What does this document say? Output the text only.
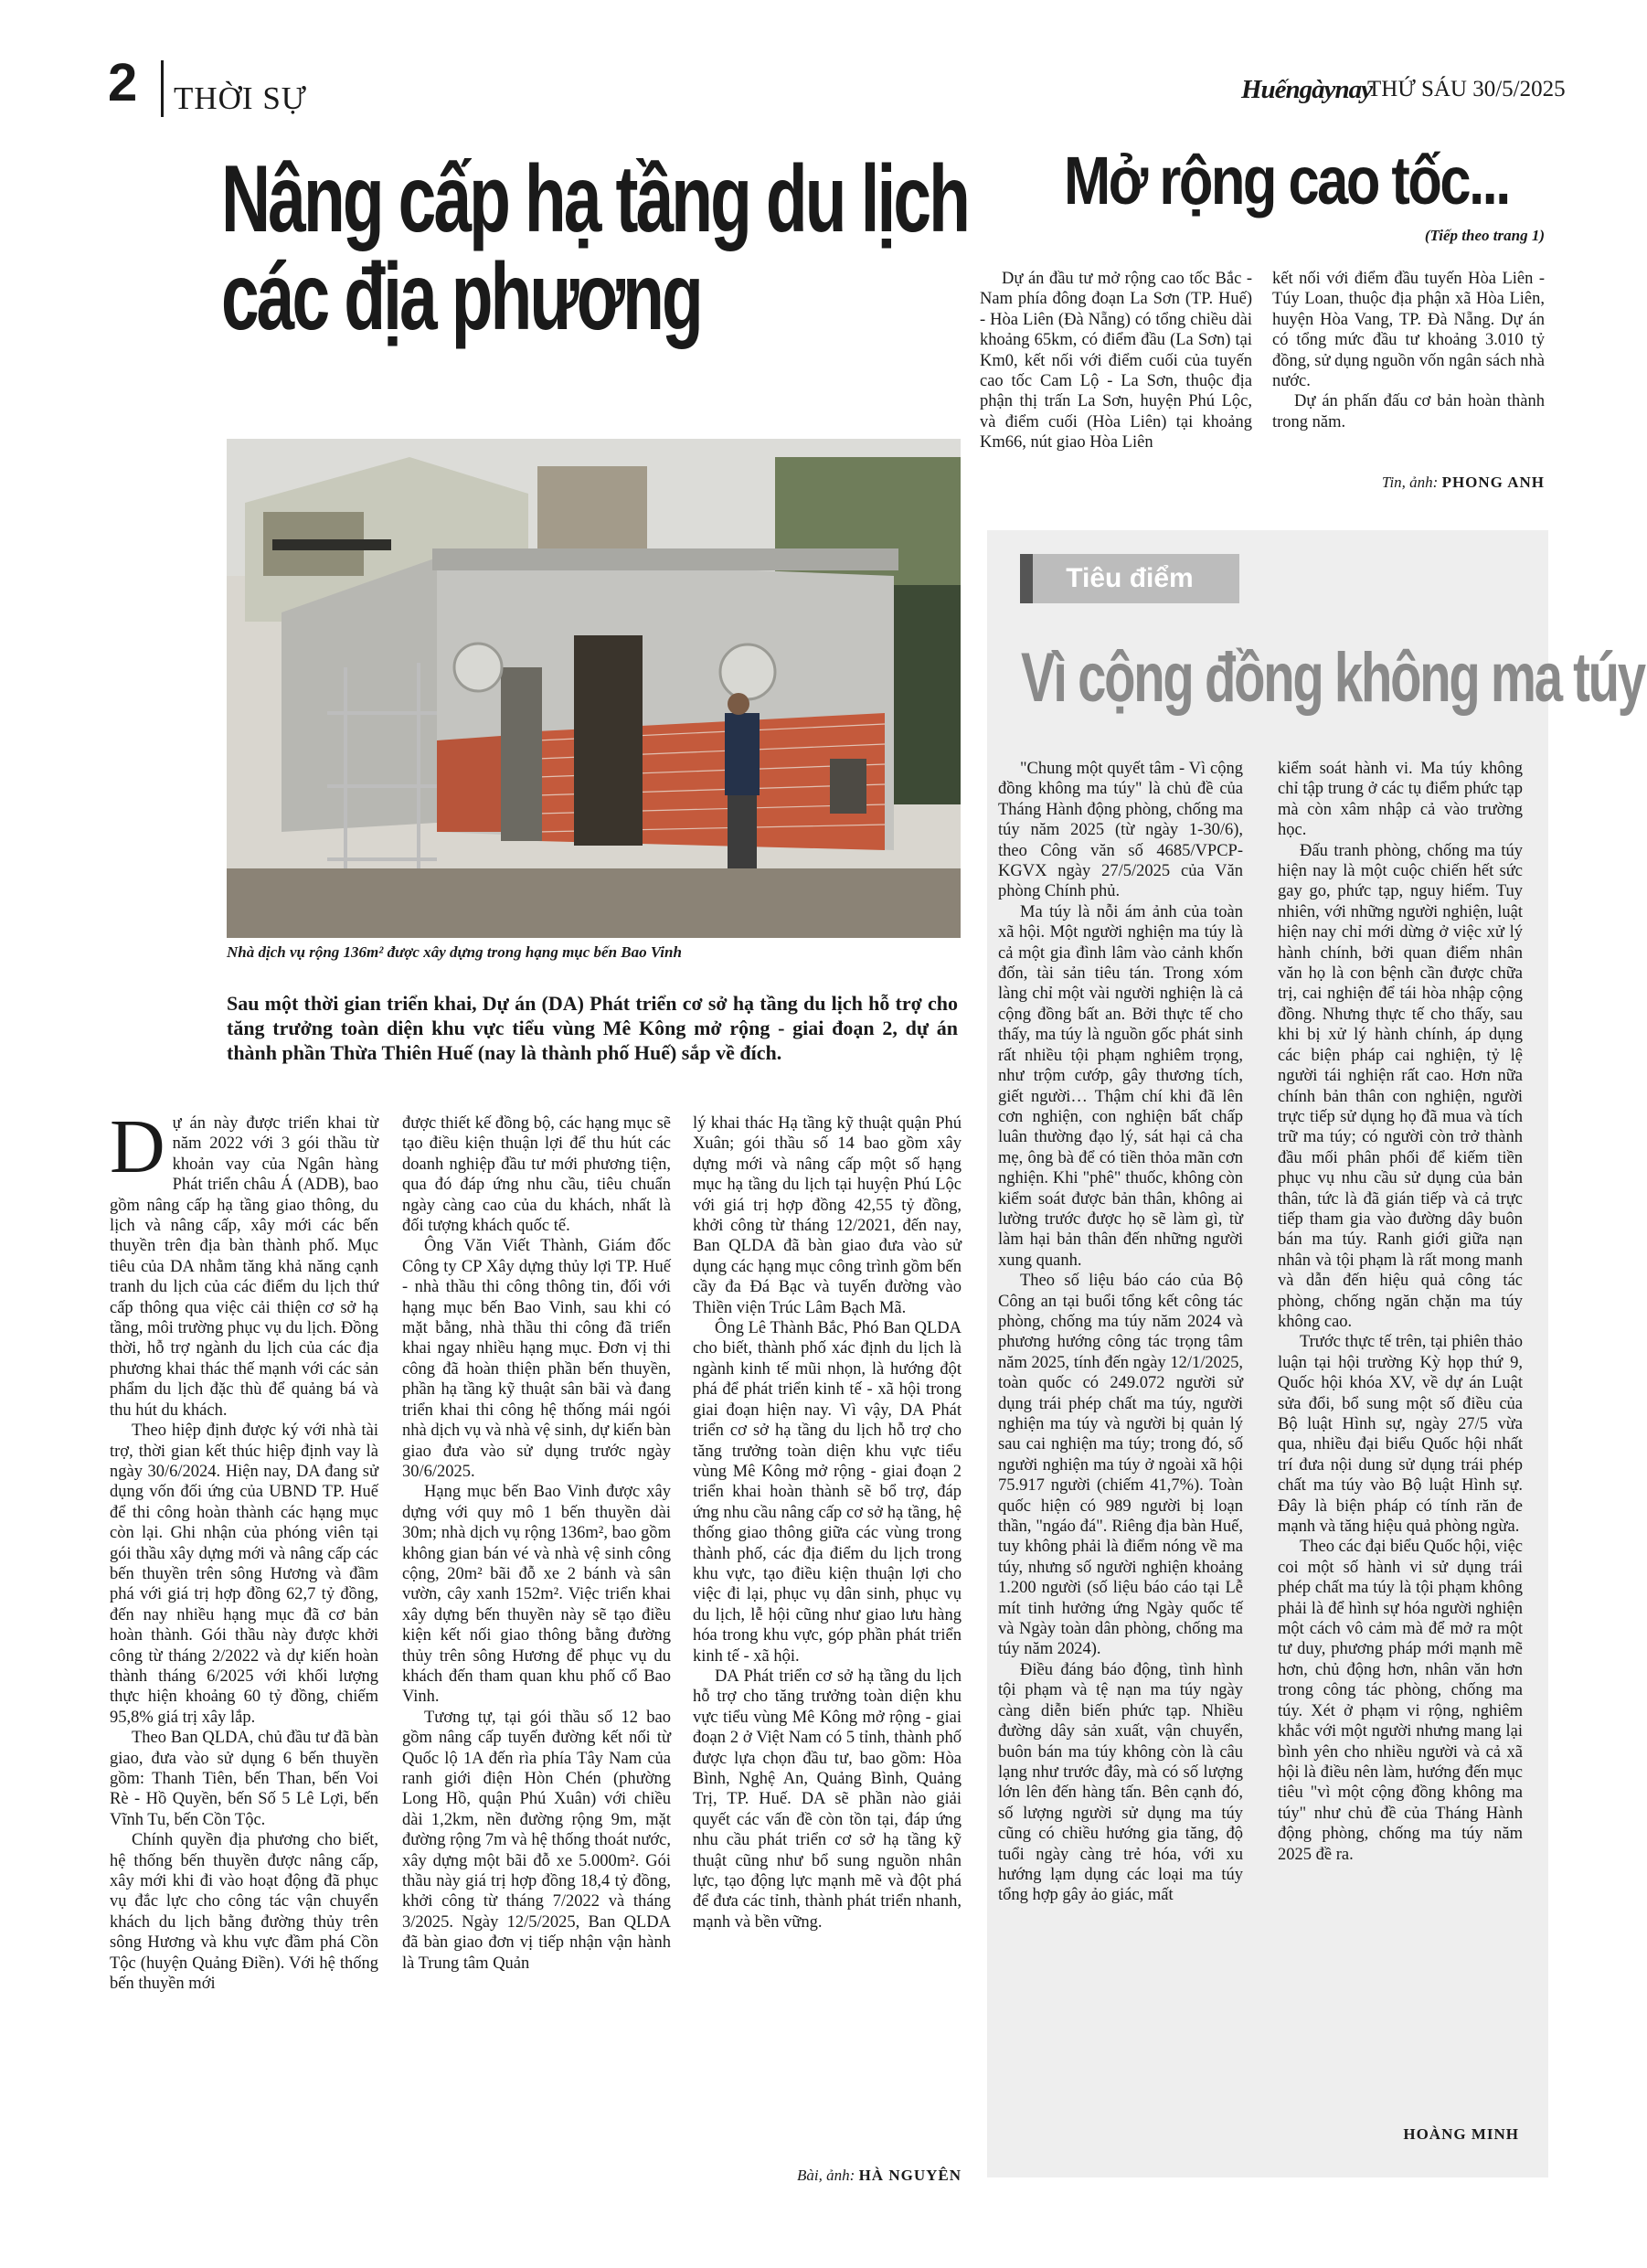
2 THỜI SỰ	Huếngàynay
THỨ SÁU 30/5/2025
Nâng cấp hạ tầng du lịch
các địa phương
Nhà dịch vụ rộng 136m² được xây dựng trong hạng mục bến Bao Vinh
Sau một thời gian triển khai, Dự án (DA) Phát triển cơ sở hạ tầng du lịch hỗ trợ cho tăng trưởng toàn diện khu vực tiểu vùng Mê Kông mở rộng - giai đoạn 2, dự án thành phần Thừa Thiên Huế (nay là thành phố Huế) sắp về đích.

Dự án này được triển khai từ năm 2022 với 3 gói thầu từ khoản vay của Ngân hàng Phát triển châu Á (ADB), bao gồm nâng cấp hạ tầng giao thông, du lịch và nâng cấp, xây mới các bến thuyền trên địa bàn thành phố. Mục tiêu của DA nhằm tăng khả năng cạnh tranh du lịch của các điểm du lịch thứ cấp thông qua việc cải thiện cơ sở hạ tầng, môi trường phục vụ du lịch. Đồng thời, hỗ trợ ngành du lịch của các địa phương khai thác thế mạnh với các sản phẩm du lịch đặc thù để quảng bá và thu hút du khách.

Theo hiệp định được ký với nhà tài trợ, thời gian kết thúc hiệp định vay là ngày 30/6/2024. Hiện nay, DA đang sử dụng vốn đối ứng của UBND TP. Huế để thi công hoàn thành các hạng mục còn lại. Ghi nhận của phóng viên tại gói thầu xây dựng mới và nâng cấp các bến thuyền trên sông Hương và đầm phá với giá trị hợp đồng 62,7 tỷ đồng, đến nay nhiều hạng mục đã cơ bản hoàn thành. Gói thầu này được khởi công từ tháng 2/2022 và dự kiến hoàn thành tháng 6/2025 với khối lượng thực hiện khoảng 60 tỷ đồng, chiếm 95,8% giá trị xây lắp.

Theo Ban QLDA, chủ đầu tư đã bàn giao, đưa vào sử dụng 6 bến thuyền gồm: Thanh Tiên, bến Than, bến Voi Rè - Hồ Quyền, bến Số 5 Lê Lợi, bến Vĩnh Tu, bến Cồn Tộc.

Chính quyền địa phương cho biết, hệ thống bến thuyền được nâng cấp, xây mới khi đi vào hoạt động đã phục vụ đắc lực cho công tác vận chuyển khách du lịch bằng đường thủy trên sông Hương và khu vực đầm phá Cồn Tộc (huyện Quảng Điền). Với hệ thống bến thuyền mới

được thiết kế đồng bộ, các hạng mục sẽ tạo điều kiện thuận lợi để thu hút các doanh nghiệp đầu tư mới phương tiện, qua đó đáp ứng nhu cầu, tiêu chuẩn ngày càng cao của du khách, nhất là đối tượng khách quốc tế.

Ông Văn Viết Thành, Giám đốc Công ty CP Xây dựng thủy lợi TP. Huế - nhà thầu thi công thông tin, đối với hạng mục bến Bao Vinh, sau khi có mặt bằng, nhà thầu thi công đã triển khai ngay nhiều hạng mục. Đơn vị thi công đã hoàn thiện phần bến thuyền, phần hạ tầng kỹ thuật sân bãi và đang triển khai thi công hệ thống mái ngói nhà dịch vụ và nhà vệ sinh, dự kiến bàn giao đưa vào sử dụng trước ngày 30/6/2025.

Hạng mục bến Bao Vinh được xây dựng với quy mô 1 bến thuyền dài 30m; nhà dịch vụ rộng 136m², bao gồm không gian bán vé và nhà vệ sinh công cộng, 20m² bãi đỗ xe 2 bánh và sân vườn, cây xanh 152m². Việc triển khai xây dựng bến thuyền này sẽ tạo điều kiện kết nối giao thông bằng đường thủy trên sông Hương để phục vụ du khách đến tham quan khu phố cổ Bao Vinh.

Tương tự, tại gói thầu số 12 bao gồm nâng cấp tuyến đường kết nối từ Quốc lộ 1A đến rìa phía Tây Nam của ranh giới điện Hòn Chén (phường Long Hồ, quận Phú Xuân) với chiều dài 1,2km, nền đường rộng 9m, mặt đường rộng 7m và hệ thống thoát nước, xây dựng một bãi đỗ xe 5.000m². Gói thầu này giá trị hợp đồng 18,4 tỷ đồng, khởi công từ tháng 7/2022 và tháng 3/2025. Ngày 12/5/2025, Ban QLDA đã bàn giao đơn vị tiếp nhận vận hành là Trung tâm Quản

lý khai thác Hạ tầng kỹ thuật quận Phú Xuân; gói thầu số 14 bao gồm xây dựng mới và nâng cấp một số hạng mục hạ tầng du lịch tại huyện Phú Lộc với giá trị hợp đồng 42,55 tỷ đồng, khởi công từ tháng 12/2021, đến nay, Ban QLDA đã bàn giao đưa vào sử dụng các hạng mục công trình gồm bến cầy đa Đá Bạc và tuyến đường vào Thiền viện Trúc Lâm Bạch Mã.

Ông Lê Thành Bắc, Phó Ban QLDA cho biết, thành phố xác định du lịch là ngành kinh tế mũi nhọn, là hướng đột phá để phát triển kinh tế - xã hội trong giai đoạn hiện nay. Vì vậy, DA Phát triển cơ sở hạ tầng du lịch hỗ trợ cho tăng trưởng toàn diện khu vực tiểu vùng Mê Kông mở rộng - giai đoạn 2 triển khai hoàn thành sẽ bổ trợ, đáp ứng nhu cầu nâng cấp cơ sở hạ tầng, hệ thống giao thông giữa các vùng trong thành phố, các địa điểm du lịch trong khu vực, tạo điều kiện thuận lợi cho việc đi lại, phục vụ dân sinh, phục vụ du lịch, lễ hội cũng như giao lưu hàng hóa trong khu vực, góp phần phát triển kinh tế - xã hội.

DA Phát triển cơ sở hạ tầng du lịch hỗ trợ cho tăng trưởng toàn diện khu vực tiểu vùng Mê Kông mở rộng - giai đoạn 2 ở Việt Nam có 5 tỉnh, thành phố được lựa chọn đầu tư, bao gồm: Hòa Bình, Nghệ An, Quảng Bình, Quảng Trị, TP. Huế. DA sẽ phần nào giải quyết các vấn đề còn tồn tại, đáp ứng nhu cầu phát triển cơ sở hạ tầng kỹ thuật cũng như bổ sung nguồn nhân lực, tạo động lực mạnh mẽ và đột phá để đưa các tỉnh, thành phát triển nhanh, mạnh và bền vững.

Bài, ảnh: HÀ NGUYÊN
Mở rộng cao tốc...
(Tiếp theo trang 1)

Dự án đầu tư mở rộng cao tốc Bắc - Nam phía đông đoạn La Sơn (TP. Huế) - Hòa Liên (Đà Nẵng) có tổng chiều dài khoảng 65km, có điểm đầu (La Sơn) tại Km0, kết nối với điểm cuối của tuyến cao tốc Cam Lộ - La Sơn, thuộc địa phận thị trấn La Sơn, huyện Phú Lộc, và điểm cuối (Hòa Liên) tại khoảng Km66, nút giao Hòa Liên

kết nối với điểm đầu tuyến Hòa Liên - Túy Loan, thuộc địa phận xã Hòa Liên, huyện Hòa Vang, TP. Đà Nẵng. Dự án có tổng mức đầu tư khoảng 3.010 tỷ đồng, sử dụng nguồn vốn ngân sách nhà nước.

Dự án phấn đấu cơ bản hoàn thành trong năm.

Tin, ảnh: PHONG ANH
Tiêu điểm
Vì cộng đồng không ma túy

"Chung một quyết tâm - Vì cộng đồng không ma túy" là chủ đề của Tháng Hành động phòng, chống ma túy năm 2025 (từ ngày 1-30/6), theo Công văn số 4685/VPCP-KGVX ngày 27/5/2025 của Văn phòng Chính phủ.

Ma túy là nỗi ám ảnh của toàn xã hội. Một người nghiện ma túy là cả một gia đình lâm vào cảnh khốn đốn, tài sản tiêu tán. Trong xóm làng chỉ một vài người nghiện là cả cộng đồng bất an. Bởi thực tế cho thấy, ma túy là nguồn gốc phát sinh rất nhiều tội phạm nghiêm trọng, như trộm cướp, gây thương tích, giết người… Thậm chí khi đã lên cơn nghiện, con nghiện bất chấp luân thường đạo lý, sát hại cả cha mẹ, ông bà để có tiền thỏa mãn cơn nghiện. Khi "phê" thuốc, không còn kiểm soát được bản thân, không ai lường trước được họ sẽ làm gì, từ làm hại bản thân đến những người xung quanh.

Theo số liệu báo cáo của Bộ Công an tại buổi tổng kết công tác phòng, chống ma túy năm 2024 và phương hướng công tác trọng tâm năm 2025, tính đến ngày 12/1/2025, toàn quốc có 249.072 người sử dụng trái phép chất ma túy, người nghiện ma túy và người bị quản lý sau cai nghiện ma túy; trong đó, số người nghiện ma túy ở ngoài xã hội 75.917 người (chiếm 41,7%). Toàn quốc hiện có 989 người bị loạn thần, "ngáo đá". Riêng địa bàn Huế, tuy không phải là điểm nóng về ma túy, nhưng số người nghiện khoảng 1.200 người (số liệu báo cáo tại Lễ mít tinh hưởng ứng Ngày quốc tế và Ngày toàn dân phòng, chống ma túy năm 2024).

Điều đáng báo động, tình hình tội phạm và tệ nạn ma túy ngày càng diễn biến phức tạp. Nhiều đường dây sản xuất, vận chuyển, buôn bán ma túy không còn là câu lạng như trước đây, mà có số lượng lớn lên đến hàng tấn. Bên cạnh đó, số lượng người sử dụng ma túy cũng có chiều hướng gia tăng, độ tuổi ngày càng trẻ hóa, với xu hướng lạm dụng các loại ma túy tổng hợp gây ảo giác, mất

kiểm soát hành vi. Ma túy không chỉ tập trung ở các tụ điểm phức tạp mà còn xâm nhập cả vào trường học.

Đấu tranh phòng, chống ma túy hiện nay là một cuộc chiến hết sức gay go, phức tạp, nguy hiểm. Tuy nhiên, với những người nghiện, luật hiện nay chỉ mới dừng ở việc xử lý hành chính, bởi quan điểm nhân văn họ là con bệnh cần được chữa trị, cai nghiện để tái hòa nhập cộng đồng. Nhưng thực tế cho thấy, sau khi bị xử lý hành chính, áp dụng các biện pháp cai nghiện, tỷ lệ người tái nghiện rất cao. Hơn nữa chính bản thân con nghiện, người trực tiếp sử dụng họ đã mua và tích trữ ma túy; có người còn trở thành đầu mối phân phối để kiếm tiền phục vụ nhu cầu sử dụng của bản thân, tức là đã gián tiếp và cả trực tiếp tham gia vào đường dây buôn bán ma túy. Ranh giới giữa nạn nhân và tội phạm là rất mong manh và dẫn đến hiệu quả công tác phòng, chống ngăn chặn ma túy không cao.

Trước thực tế trên, tại phiên thảo luận tại hội trường Kỳ họp thứ 9, Quốc hội khóa XV, về dự án Luật sửa đổi, bổ sung một số điều của Bộ luật Hình sự, ngày 27/5 vừa qua, nhiều đại biểu Quốc hội nhất trí đưa nội dung sử dụng trái phép chất ma túy vào Bộ luật Hình sự. Đây là biện pháp có tính răn đe mạnh và tăng hiệu quả phòng ngừa.

Theo các đại biểu Quốc hội, việc coi một số hành vi sử dụng trái phép chất ma túy là tội phạm không phải là để hình sự hóa người nghiện một cách vô cảm mà để mở ra một tư duy, phương pháp mới mạnh mẽ hơn, chủ động hơn, nhân văn hơn trong công tác phòng, chống ma túy. Xét ở phạm vi rộng, nghiêm khắc với một người nhưng mang lại bình yên cho nhiều người và cả xã hội là điều nên làm, hướng đến mục tiêu "vì một cộng đồng không ma túy" như chủ đề của Tháng Hành động phòng, chống ma túy năm 2025 đề ra.

HOÀNG MINH
